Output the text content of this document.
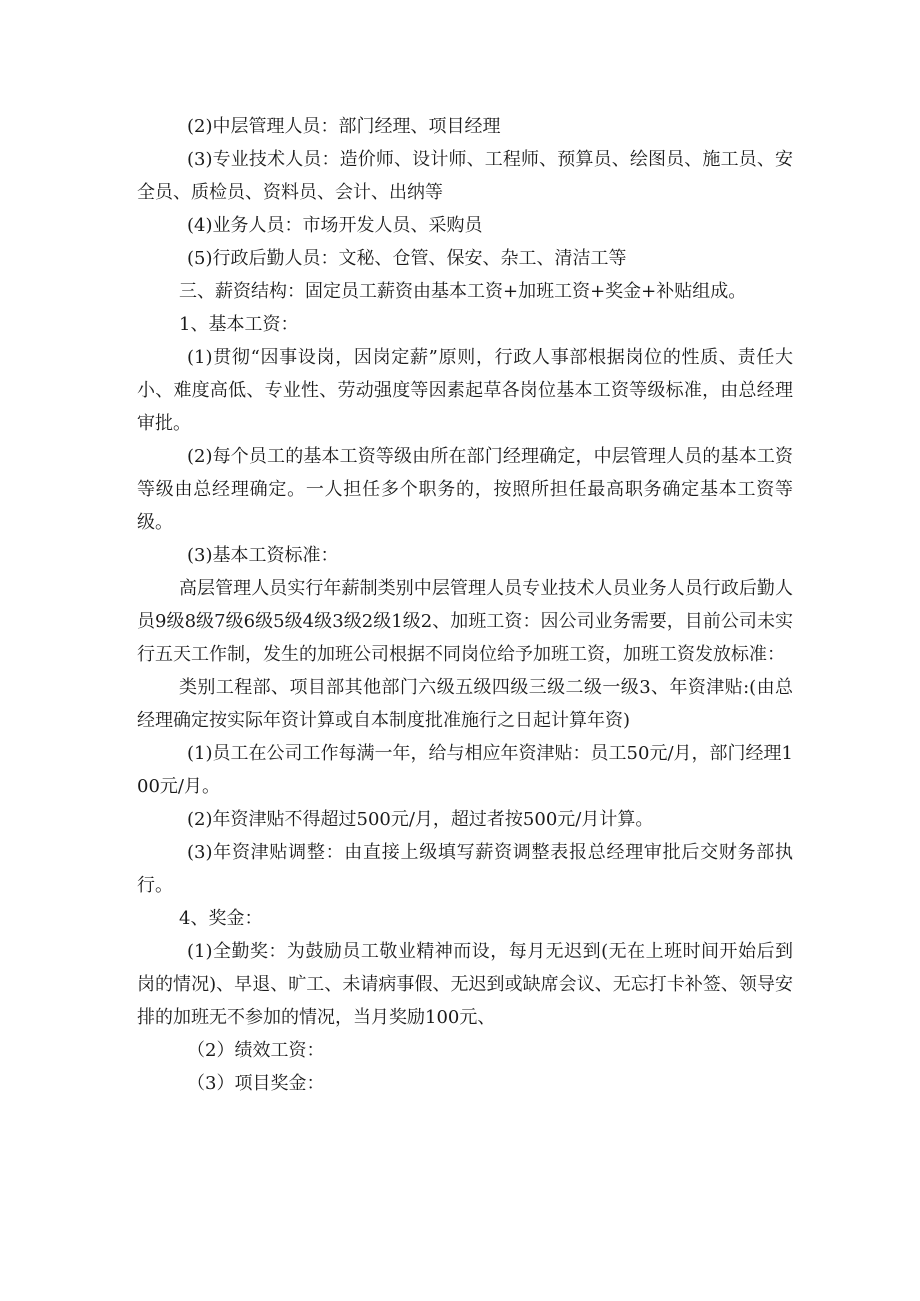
(2)中层管理人员：部门经理、项目经理

(3)专业技术人员：造价师、设计师、工程师、预算员、绘图员、施工员、安全员、质检员、资料员、会计、出纳等

(4)业务人员：市场开发人员、采购员

(5)行政后勤人员：文秘、仓管、保安、杂工、清洁工等

三、薪资结构：固定员工薪资由基本工资+加班工资+奖金+补贴组成。

1、基本工资：

(1)贯彻“因事设岗，因岗定薪”原则，行政人事部根据岗位的性质、责任大小、难度高低、专业性、劳动强度等因素起草各岗位基本工资等级标准，由总经理审批。

(2)每个员工的基本工资等级由所在部门经理确定，中层管理人员的基本工资等级由总经理确定。一人担任多个职务的，按照所担任最高职务确定基本工资等级。

(3)基本工资标准：

高层管理人员实行年薪制类别中层管理人员专业技术人员业务人员行政后勤人员9级8级7级6级5级4级3级2级1级2、加班工资：因公司业务需要，目前公司未实行五天工作制，发生的加班公司根据不同岗位给予加班工资，加班工资发放标准：

类别工程部、项目部其他部门六级五级四级三级二级一级3、年资津贴:(由总经理确定按实际年资计算或自本制度批准施行之日起计算年资)

(1)员工在公司工作每满一年，给与相应年资津贴：员工50元/月，部门经理100元/月。

(2)年资津贴不得超过500元/月，超过者按500元/月计算。

(3)年资津贴调整：由直接上级填写薪资调整表报总经理审批后交财务部执行。

4、奖金：

(1)全勤奖：为鼓励员工敬业精神而设，每月无迟到(无在上班时间开始后到岗的情况)、早退、旷工、未请病事假、无迟到或缺席会议、无忘打卡补签、领导安排的加班无不参加的情况，当月奖励100元、

（2）绩效工资：

（3）项目奖金：
